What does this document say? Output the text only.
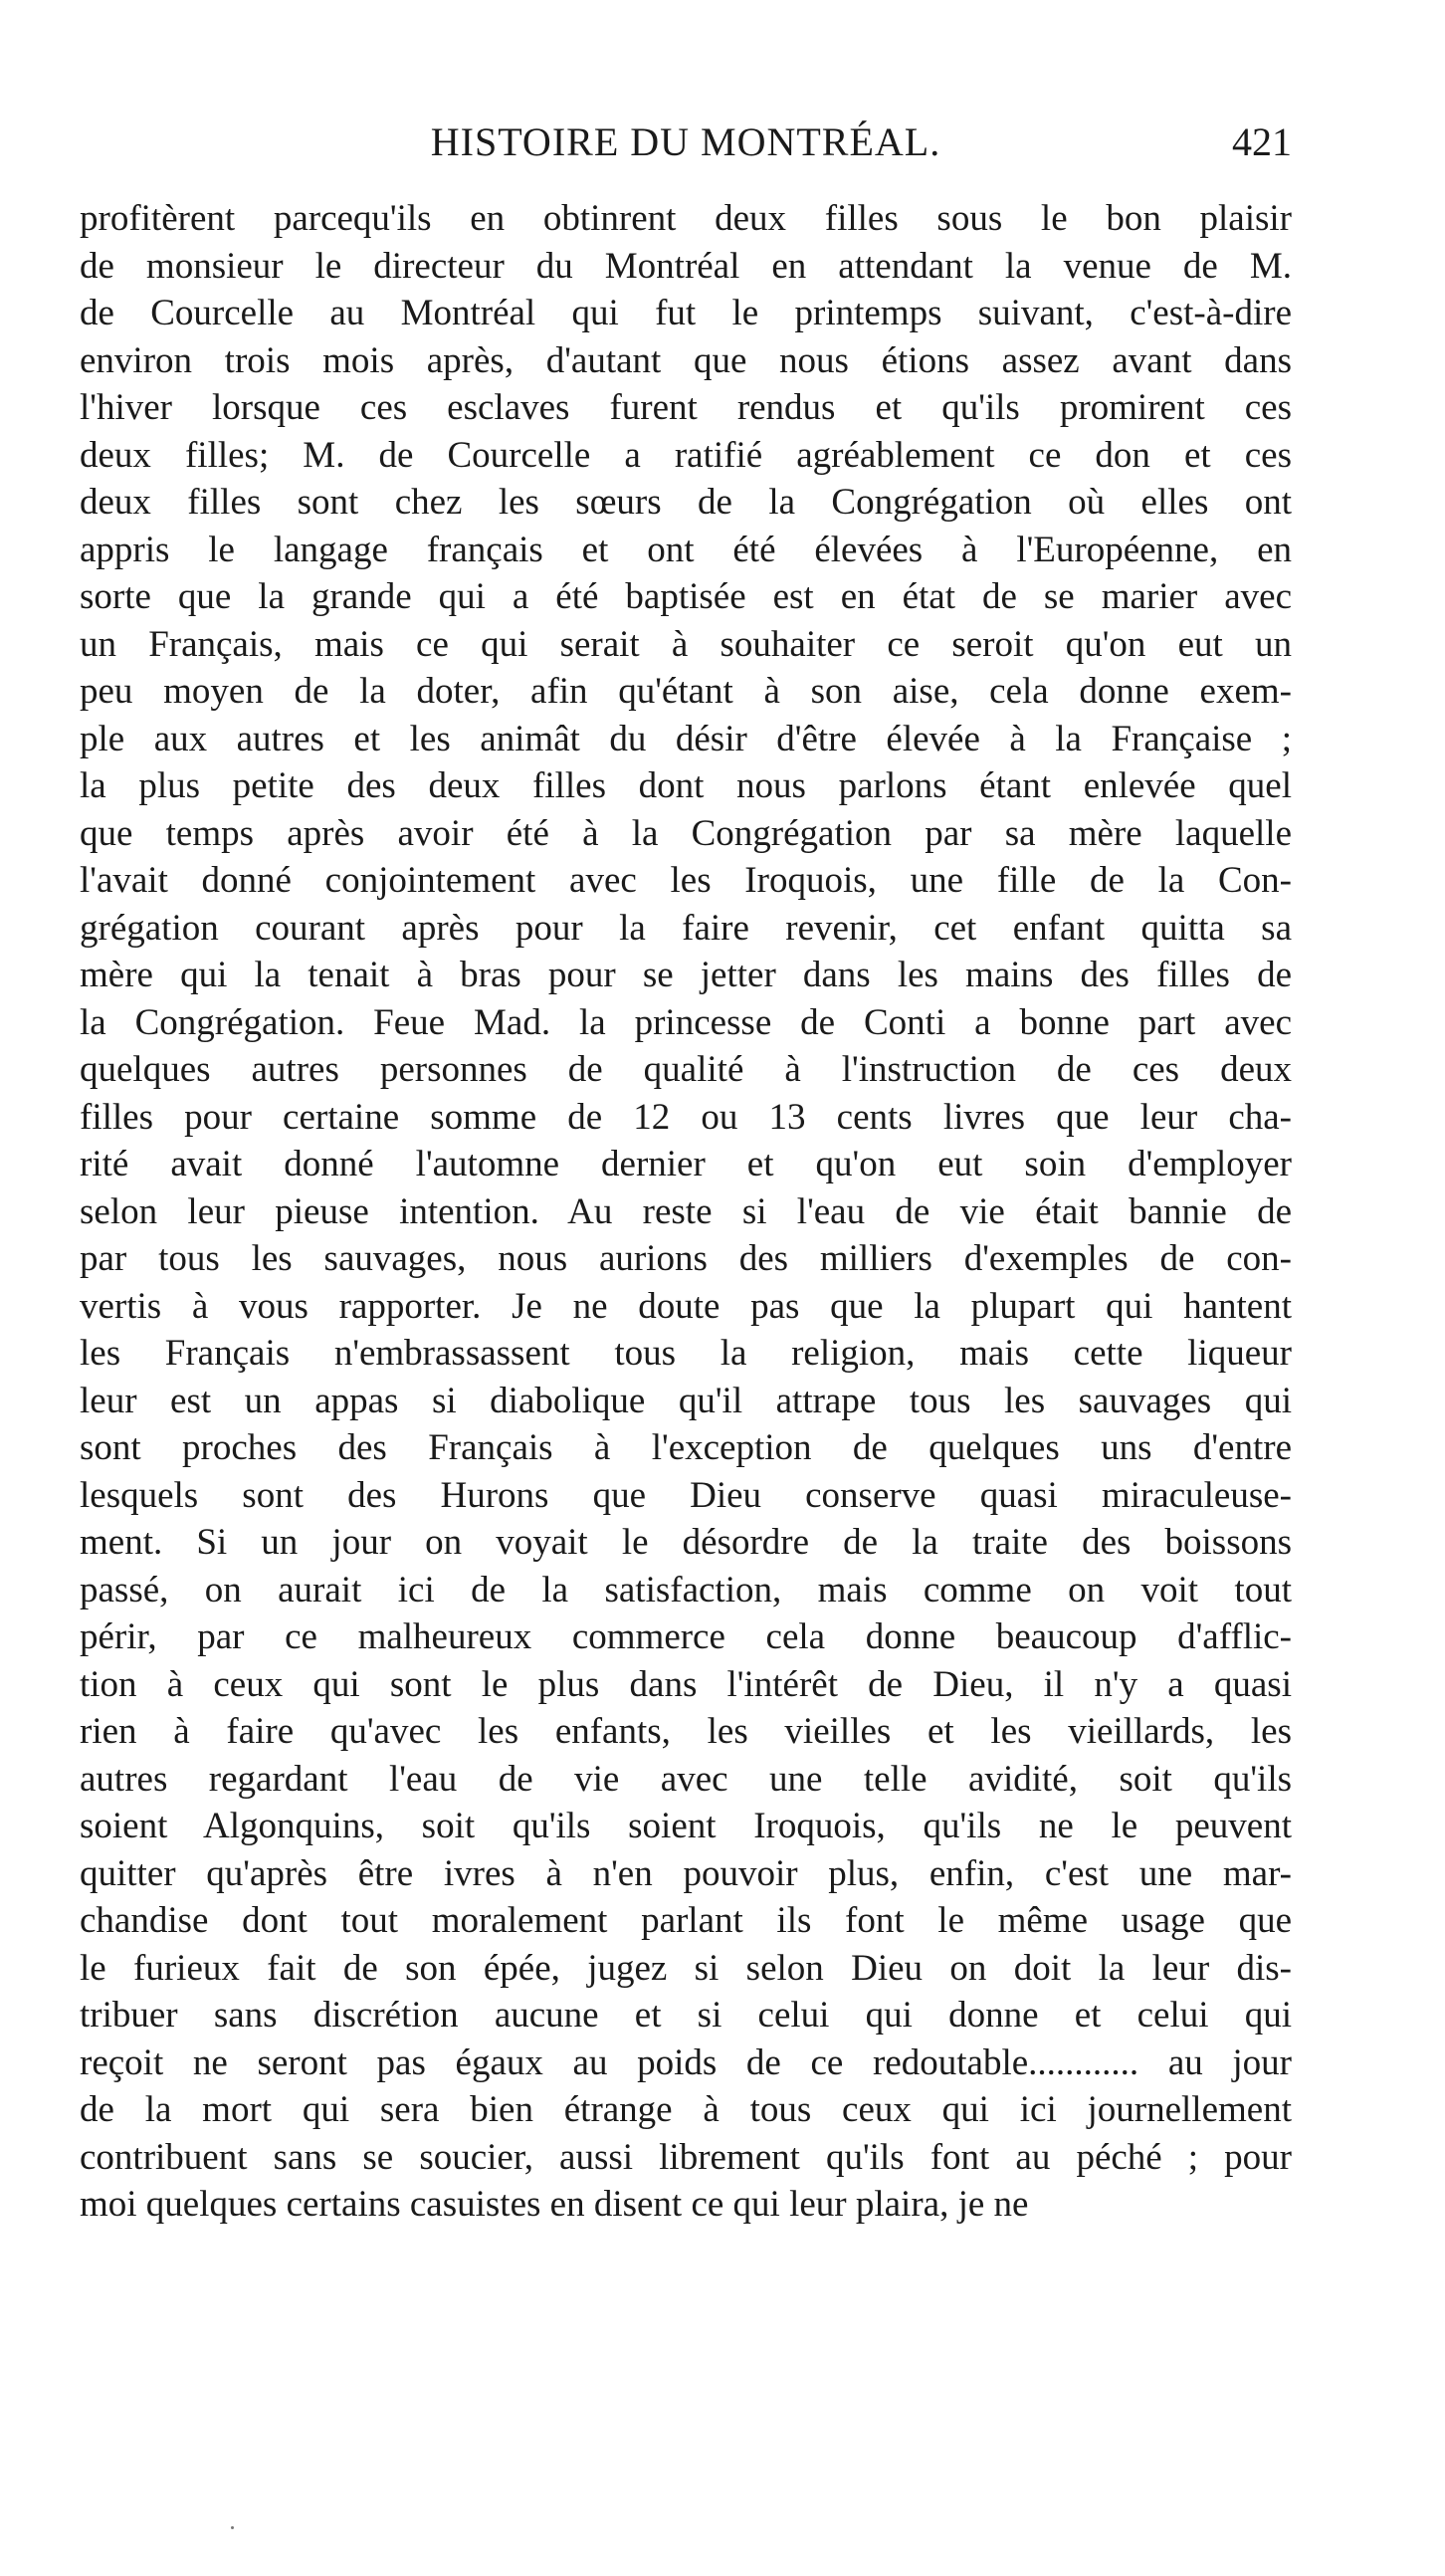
HISTOIRE DU MONTRÉAL.	421
profitèrent parcequ'ils en obtinrent deux filles sous le bon plaisir
de monsieur le directeur du Montréal en attendant la venue de M.
de Courcelle au Montréal qui fut le printemps suivant, c'est-à-dire
environ trois mois après, d'autant que nous étions assez avant dans
l'hiver lorsque ces esclaves furent rendus et qu'ils promirent ces
deux filles; M. de Courcelle a ratifié agréablement ce don et ces
deux filles sont chez les sœurs de la Congrégation où elles ont
appris le langage français et ont été élevées à l'Européenne, en
sorte que la grande qui a été baptisée est en état de se marier avec
un Français, mais ce qui serait à souhaiter ce seroit qu'on eut un
peu moyen de la doter, afin qu'étant à son aise, cela donne exem-
ple aux autres et les animât du désir d'être élevée à la Française ;
la plus petite des deux filles dont nous parlons étant enlevée quel
que temps après avoir été à la Congrégation par sa mère laquelle
l'avait donné conjointement avec les Iroquois, une fille de la Con-
grégation courant après pour la faire revenir, cet enfant quitta sa
mère qui la tenait à bras pour se jetter dans les mains des filles de
la Congrégation. Feue Mad. la princesse de Conti a bonne part avec
quelques autres personnes de qualité à l'instruction de ces deux
filles pour certaine somme de 12 ou 13 cents livres que leur cha-
rité avait donné l'automne dernier et qu'on eut soin d'employer
selon leur pieuse intention. Au reste si l'eau de vie était bannie de
par tous les sauvages, nous aurions des milliers d'exemples de con-
vertis à vous rapporter. Je ne doute pas que la plupart qui hantent
les Français n'embrassassent tous la religion, mais cette liqueur
leur est un appas si diabolique qu'il attrape tous les sauvages qui
sont proches des Français à l'exception de quelques uns d'entre
lesquels sont des Hurons que Dieu conserve quasi miraculeuse-
ment. Si un jour on voyait le désordre de la traite des boissons
passé, on aurait ici de la satisfaction, mais comme on voit tout
périr, par ce malheureux commerce cela donne beaucoup d'afflic-
tion à ceux qui sont le plus dans l'intérêt de Dieu, il n'y a quasi
rien à faire qu'avec les enfants, les vieilles et les vieillards, les
autres regardant l'eau de vie avec une telle avidité, soit qu'ils
soient Algonquins, soit qu'ils soient Iroquois, qu'ils ne le peuvent
quitter qu'après être ivres à n'en pouvoir plus, enfin, c'est une mar-
chandise dont tout moralement parlant ils font le même usage que
le furieux fait de son épée, jugez si selon Dieu on doit la leur dis-
tribuer sans discrétion aucune et si celui qui donne et celui qui
reçoit ne seront pas égaux au poids de ce redoutable............ au jour
de la mort qui sera bien étrange à tous ceux qui ici journellement
contribuent sans se soucier, aussi librement qu'ils font au péché ; pour
moi quelques certains casuistes en disent ce qui leur plaira, je ne
